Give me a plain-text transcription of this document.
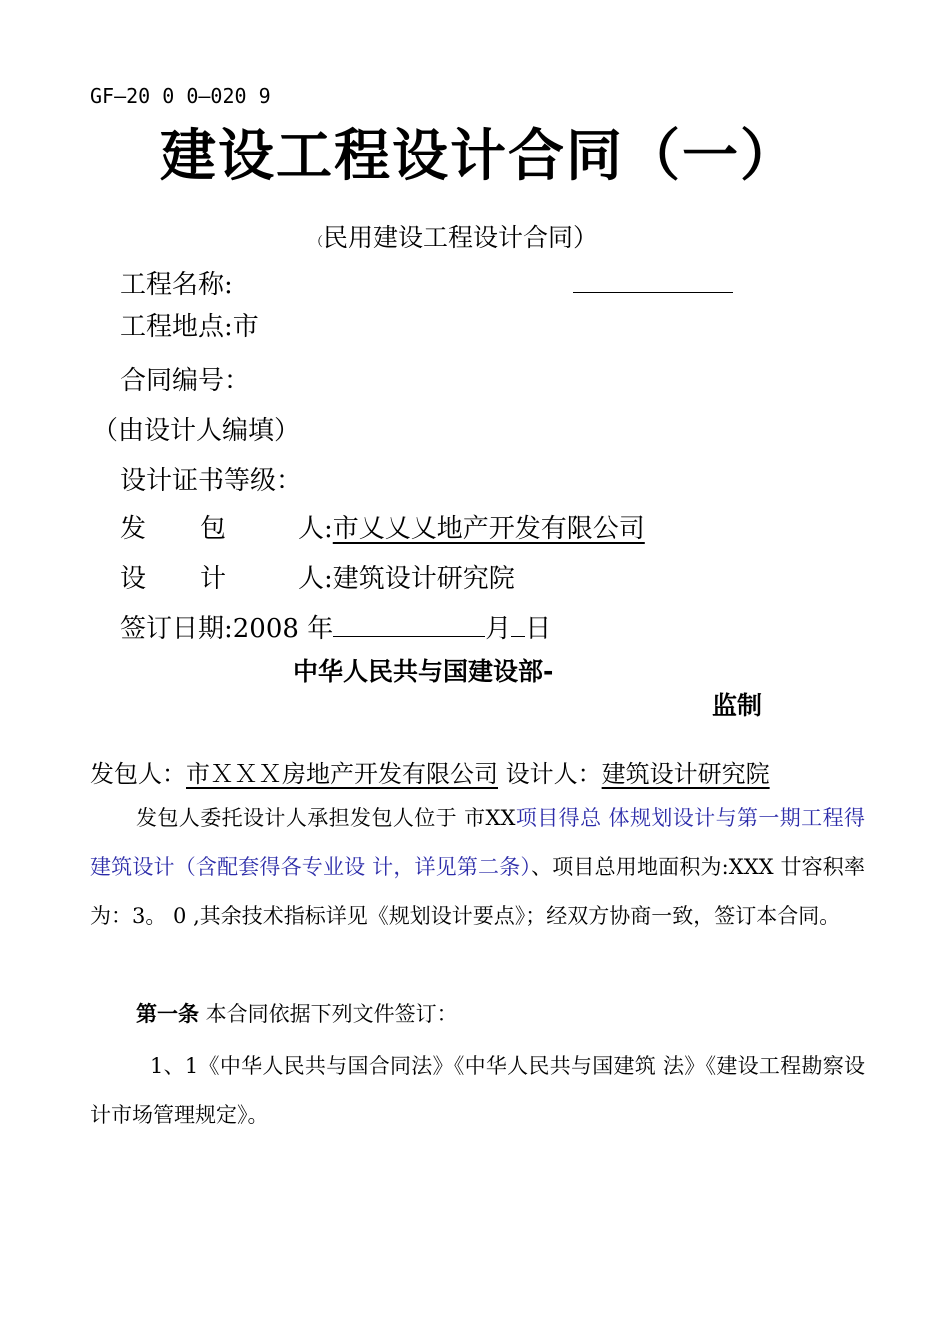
GF—20 0 0—020 9
建设工程设计合同（一）
（民用建设工程设计合同）
工程名称:
工程地点:市
合同编号：
（由设计人编填）
设计证书等级：
发 包	人:市乂乂乂地产开发有限公司
设 计	人:建筑设计研究院
签订日期:2008 年	月 日
中华人民共与国建设部-
监制
发包人：市ＸＸＸ房地产开发有限公司 设计人：建筑设计研究院
发包人委托设计人承担发包人位于 市XX项目得总 体规划设计与第一期工程得建筑设计（含配套得各专业设 计，详见第二条）、项目总用地面积为:XXX 廿容积率为：3。 0 ,其余技术指标详见《规划设计要点》；经双方协商一致，签订本合同。
第一条 本合同依据下列文件签订：
1、1《中华人民共与国合同法》《中华人民共与国建筑 法》《建设工程勘察设计市场管理规定》。
